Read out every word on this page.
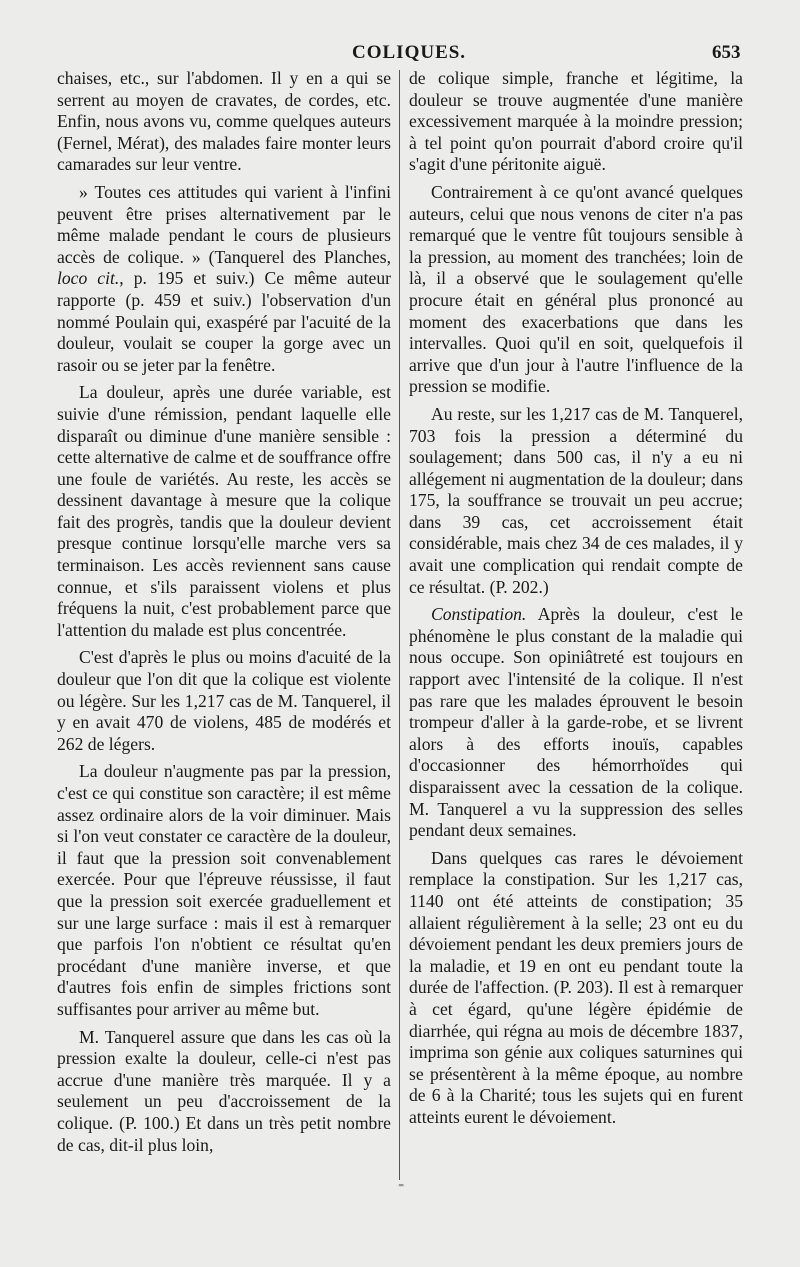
COLIQUES.	653

chaises, etc., sur l'abdomen. Il y en a qui se serrent au moyen de cravates, de cordes, etc. Enfin, nous avons vu, comme quelques auteurs (Fernel, Mérat), des malades faire monter leurs camarades sur leur ventre.

» Toutes ces attitudes qui varient à l'infini peuvent être prises alternativement par le même malade pendant le cours de plusieurs accès de colique. » (Tanquerel des Planches, loco cit., p. 195 et suiv.) Ce même auteur rapporte (p. 459 et suiv.) l'observation d'un nommé Poulain qui, exaspéré par l'acuité de la douleur, voulait se couper la gorge avec un rasoir ou se jeter par la fenêtre.

La douleur, après une durée variable, est suivie d'une rémission, pendant laquelle elle disparaît ou diminue d'une manière sensible : cette alternative de calme et de souffrance offre une foule de variétés. Au reste, les accès se dessinent davantage à mesure que la colique fait des progrès, tandis que la douleur devient presque continue lorsqu'elle marche vers sa terminaison. Les accès reviennent sans cause connue, et s'ils paraissent violens et plus fréquens la nuit, c'est probablement parce que l'attention du malade est plus concentrée.

C'est d'après le plus ou moins d'acuité de la douleur que l'on dit que la colique est violente ou légère. Sur les 1,217 cas de M. Tanquerel, il y en avait 470 de violens, 485 de modérés et 262 de légers.

La douleur n'augmente pas par la pression, c'est ce qui constitue son caractère; il est même assez ordinaire alors de la voir diminuer. Mais si l'on veut constater ce caractère de la douleur, il faut que la pression soit convenablement exercée. Pour que l'épreuve réussisse, il faut que la pression soit exercée graduellement et sur une large surface : mais il est à remarquer que parfois l'on n'obtient ce résultat qu'en procédant d'une manière inverse, et que d'autres fois enfin de simples frictions sont suffisantes pour arriver au même but.

M. Tanquerel assure que dans les cas où la pression exalte la douleur, celle-ci n'est pas accrue d'une manière très marquée. Il y a seulement un peu d'accroissement de la colique. (P. 100.) Et dans un très petit nombre de cas, dit-il plus loin,

de colique simple, franche et légitime, la douleur se trouve augmentée d'une manière excessivement marquée à la moindre pression; à tel point qu'on pourrait d'abord croire qu'il s'agit d'une péritonite aiguë.

Contrairement à ce qu'ont avancé quelques auteurs, celui que nous venons de citer n'a pas remarqué que le ventre fût toujours sensible à la pression, au moment des tranchées; loin de là, il a observé que le soulagement qu'elle procure était en général plus prononcé au moment des exacerbations que dans les intervalles. Quoi qu'il en soit, quelquefois il arrive que d'un jour à l'autre l'influence de la pression se modifie.

Au reste, sur les 1,217 cas de M. Tanquerel, 703 fois la pression a déterminé du soulagement; dans 500 cas, il n'y a eu ni allégement ni augmentation de la douleur; dans 175, la souffrance se trouvait un peu accrue; dans 39 cas, cet accroissement était considérable, mais chez 34 de ces malades, il y avait une complication qui rendait compte de ce résultat. (P. 202.)

Constipation. Après la douleur, c'est le phénomène le plus constant de la maladie qui nous occupe. Son opiniâtreté est toujours en rapport avec l'intensité de la colique. Il n'est pas rare que les malades éprouvent le besoin trompeur d'aller à la garde-robe, et se livrent alors à des efforts inouïs, capables d'occasionner des hémorrhoïdes qui disparaissent avec la cessation de la colique. M. Tanquerel a vu la suppression des selles pendant deux semaines.

Dans quelques cas rares le dévoiement remplace la constipation. Sur les 1,217 cas, 1140 ont été atteints de constipation; 35 allaient régulièrement à la selle; 23 ont eu du dévoiement pendant les deux premiers jours de la maladie, et 19 en ont eu pendant toute la durée de l'affection. (P. 203). Il est à remarquer à cet égard, qu'une légère épidémie de diarrhée, qui régna au mois de décembre 1837, imprima son génie aux coliques saturnines qui se présentèrent à la même époque, au nombre de 6 à la Charité; tous les sujets qui en furent atteints eurent le dévoiement.

⁼
